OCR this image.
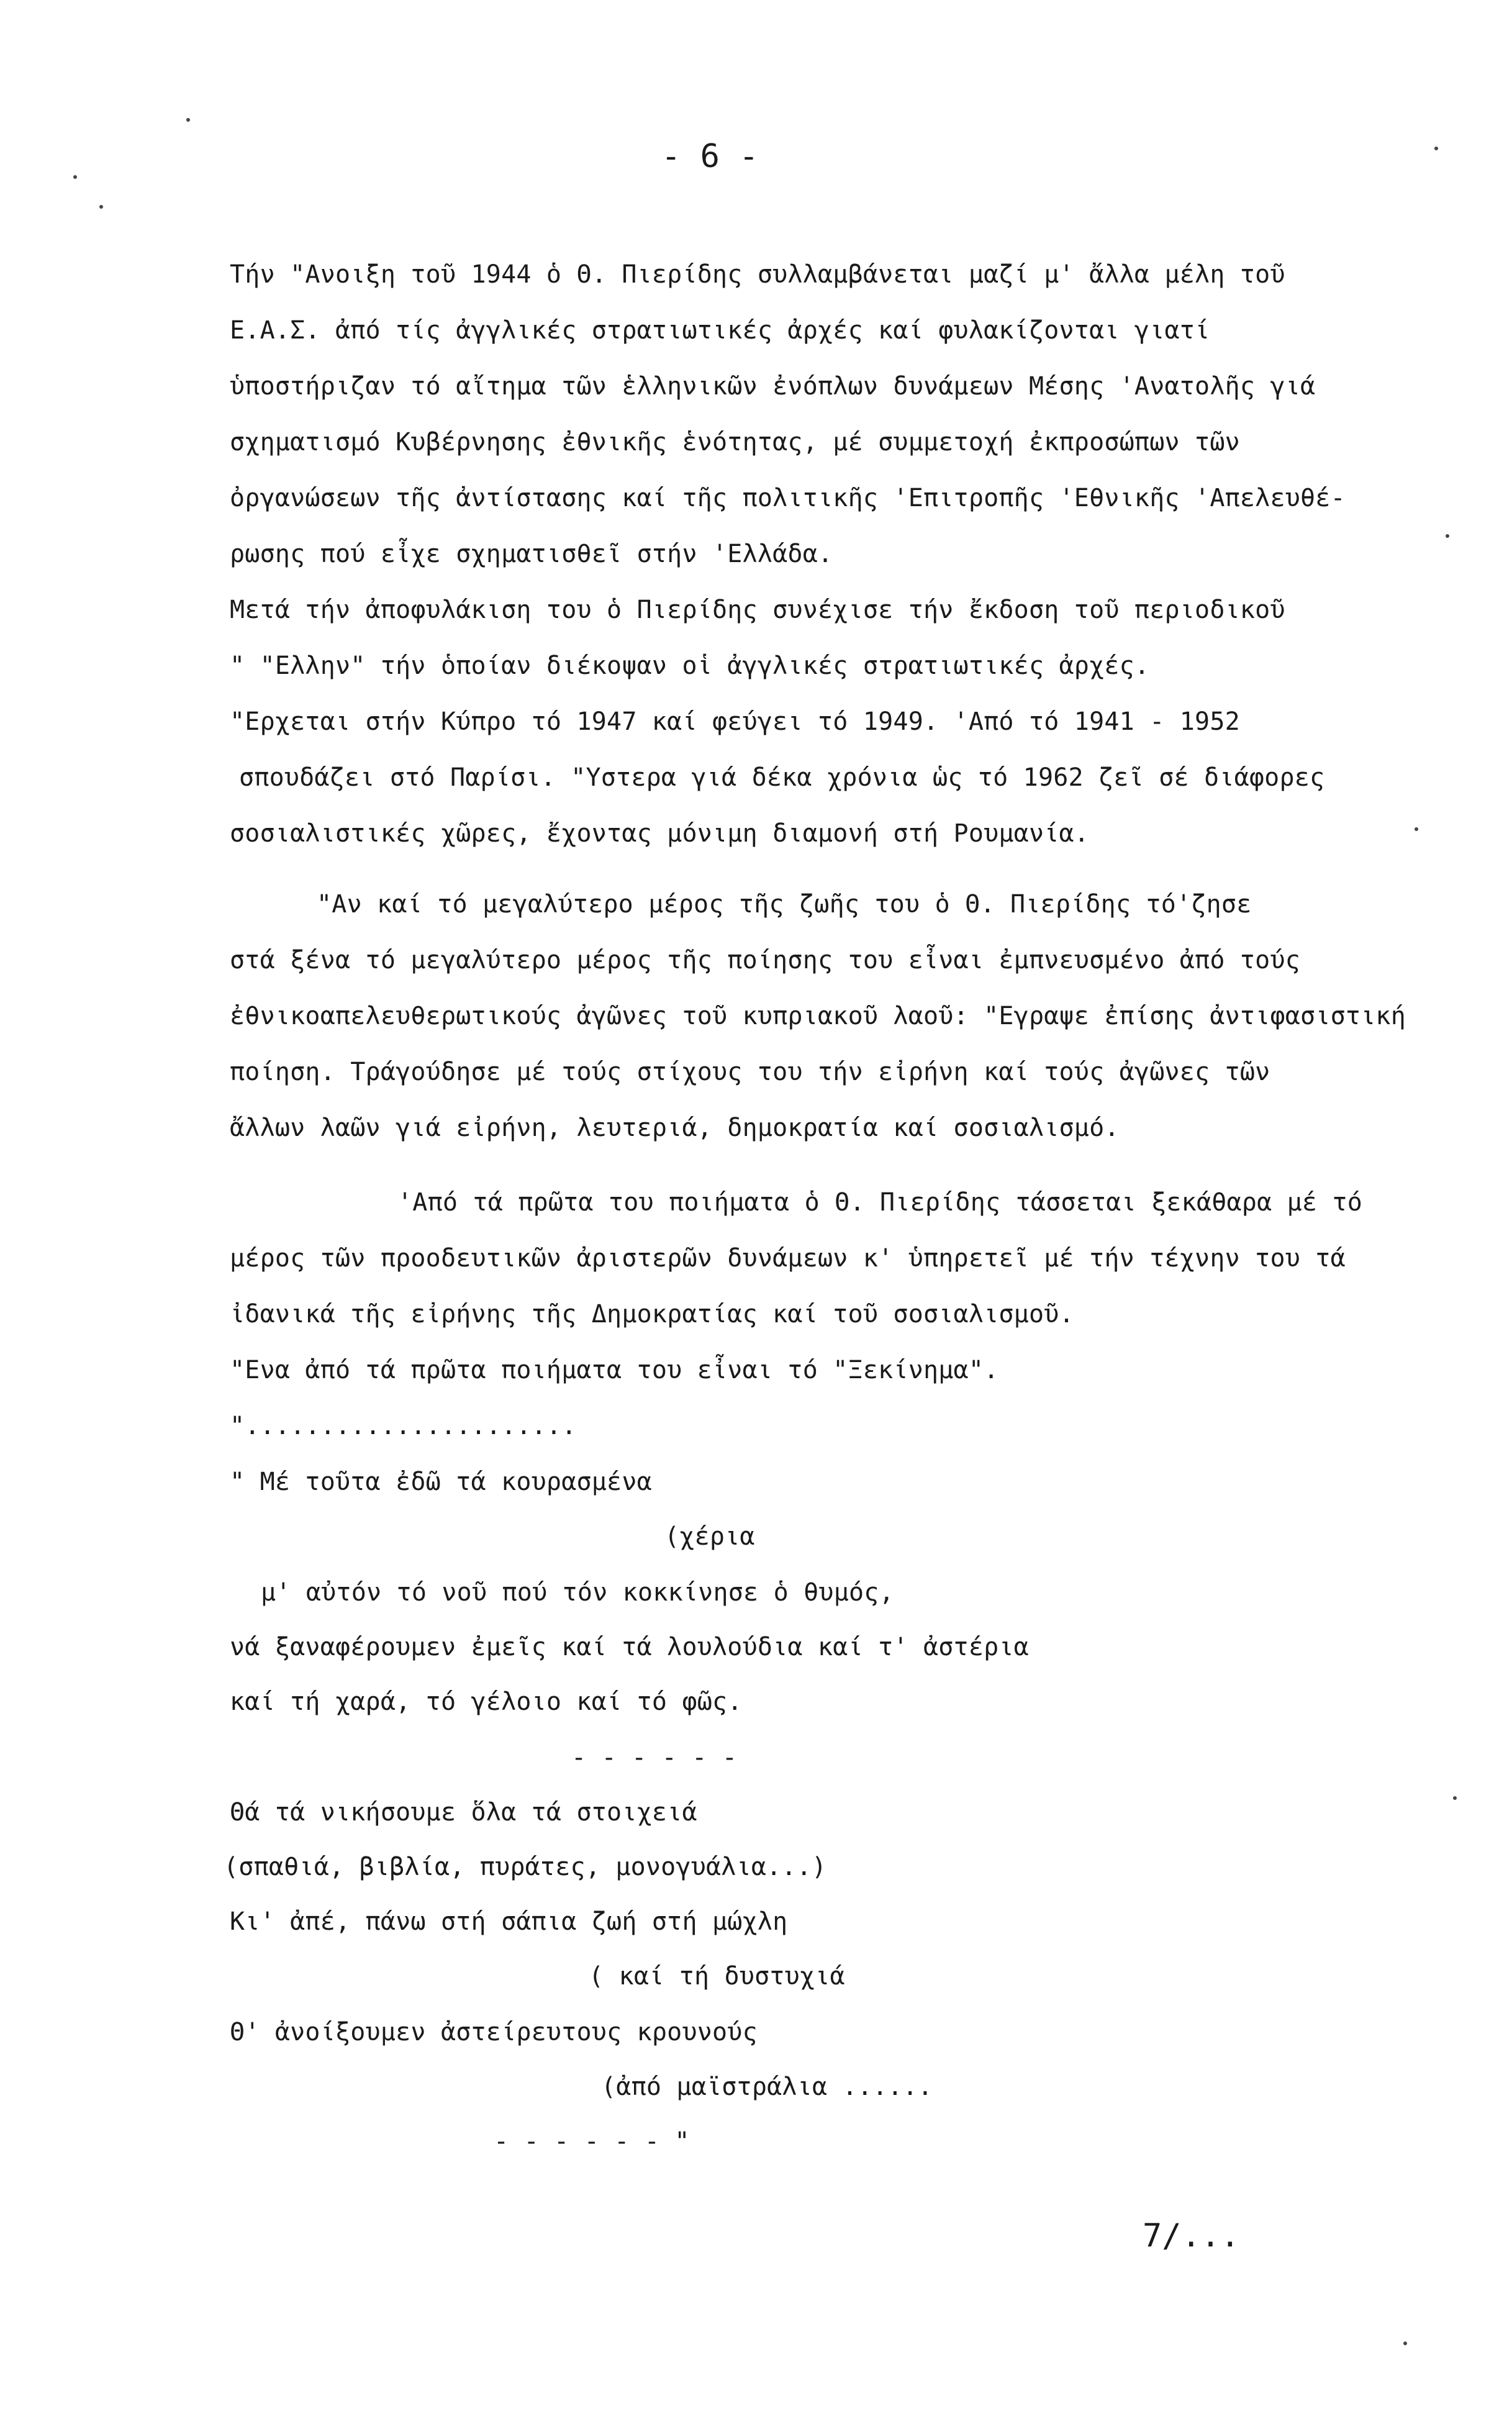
- 6 -
Τήν "Ανοιξη τοῦ 1944 ὁ Θ. Πιερίδης συλλαμβάνεται μαζί μ' ἄλλα μέλη τοῦ
Ε.Α.Σ. ἀπό τίς ἀγγλικές στρατιωτικές ἀρχές καί φυλακίζονται γιατί
ὑποστήριζαν τό αἴτημα τῶν ἑλληνικῶν ἐνόπλων δυνάμεων Μέσης 'Ανατολῆς γιά
σχηματισμό Κυβέρνησης ἐθνικῆς ἑνότητας, μέ συμμετοχή ἐκπροσώπων τῶν
ὀργανώσεων τῆς ἀντίστασης καί τῆς πολιτικῆς 'Επιτροπῆς 'Εθνικῆς 'Απελευθέ-
ρωσης πού εἶχε σχηματισθεῖ στήν 'Ελλάδα.
Μετά τήν ἀποφυλάκιση του ὁ Πιερίδης συνέχισε τήν ἔκδοση τοῦ περιοδικοῦ
" "Ελλην" τήν ὁποίαν διέκοψαν οἱ ἀγγλικές στρατιωτικές ἀρχές.
"Ερχεται στήν Κύπρο τό 1947 καί φεύγει τό 1949. 'Από τό 1941 - 1952
σπουδάζει στό Παρίσι. "Υστερα γιά δέκα χρόνια ὡς τό 1962 ζεῖ σέ διάφορες
σοσιαλιστικές χῶρες, ἔχοντας μόνιμη διαμονή στή Ρουμανία.
"Αν καί τό μεγαλύτερο μέρος τῆς ζωῆς του ὁ Θ. Πιερίδης τό'ζησε
στά ξένα τό μεγαλύτερο μέρος τῆς ποίησης του εἶναι ἐμπνευσμένο ἀπό τούς
ἐθνικοαπελευθερωτικούς ἀγῶνες τοῦ κυπριακοῦ λαοῦ: "Εγραψε ἐπίσης ἀντιφασιστική
ποίηση. Τράγούδησε μέ τούς στίχους του τήν εἰρήνη καί τούς ἀγῶνες τῶν
ἄλλων λαῶν γιά εἰρήνη, λευτεριά, δημοκρατία καί σοσιαλισμό.
'Από τά πρῶτα του ποιήματα ὁ Θ. Πιερίδης τάσσεται ξεκάθαρα μέ τό
μέρος τῶν προοδευτικῶν ἀριστερῶν δυνάμεων κ' ὑπηρετεῖ μέ τήν τέχνην του τά
ἰδανικά τῆς εἰρήνης τῆς Δημοκρατίας καί τοῦ σοσιαλισμοῦ.
"Ενα ἀπό τά πρῶτα ποιήματα του εἶναι τό "Ξεκίνημα".
"......................
" Μέ τοῦτα ἐδῶ τά κουρασμένα
(χέρια
μ' αὐτόν τό νοῦ πού τόν κοκκίνησε ὁ θυμός,
νά ξαναφέρουμεν ἐμεῖς καί τά λουλούδια καί τ' ἀστέρια
καί τή χαρά, τό γέλοιο καί τό φῶς.
- - - - - -
Θά τά νικήσουμε ὅλα τά στοιχειά
(σπαθιά, βιβλία, πυράτες, μονογυάλια...)
Κι' ἀπέ, πάνω στή σάπια ζωή στή μώχλη
( καί τή δυστυχιά
Θ' ἀνοίξουμεν ἀστείρευτους κρουνούς
(ἀπό μαϊστράλια ......
- - - - - - "
7/...
